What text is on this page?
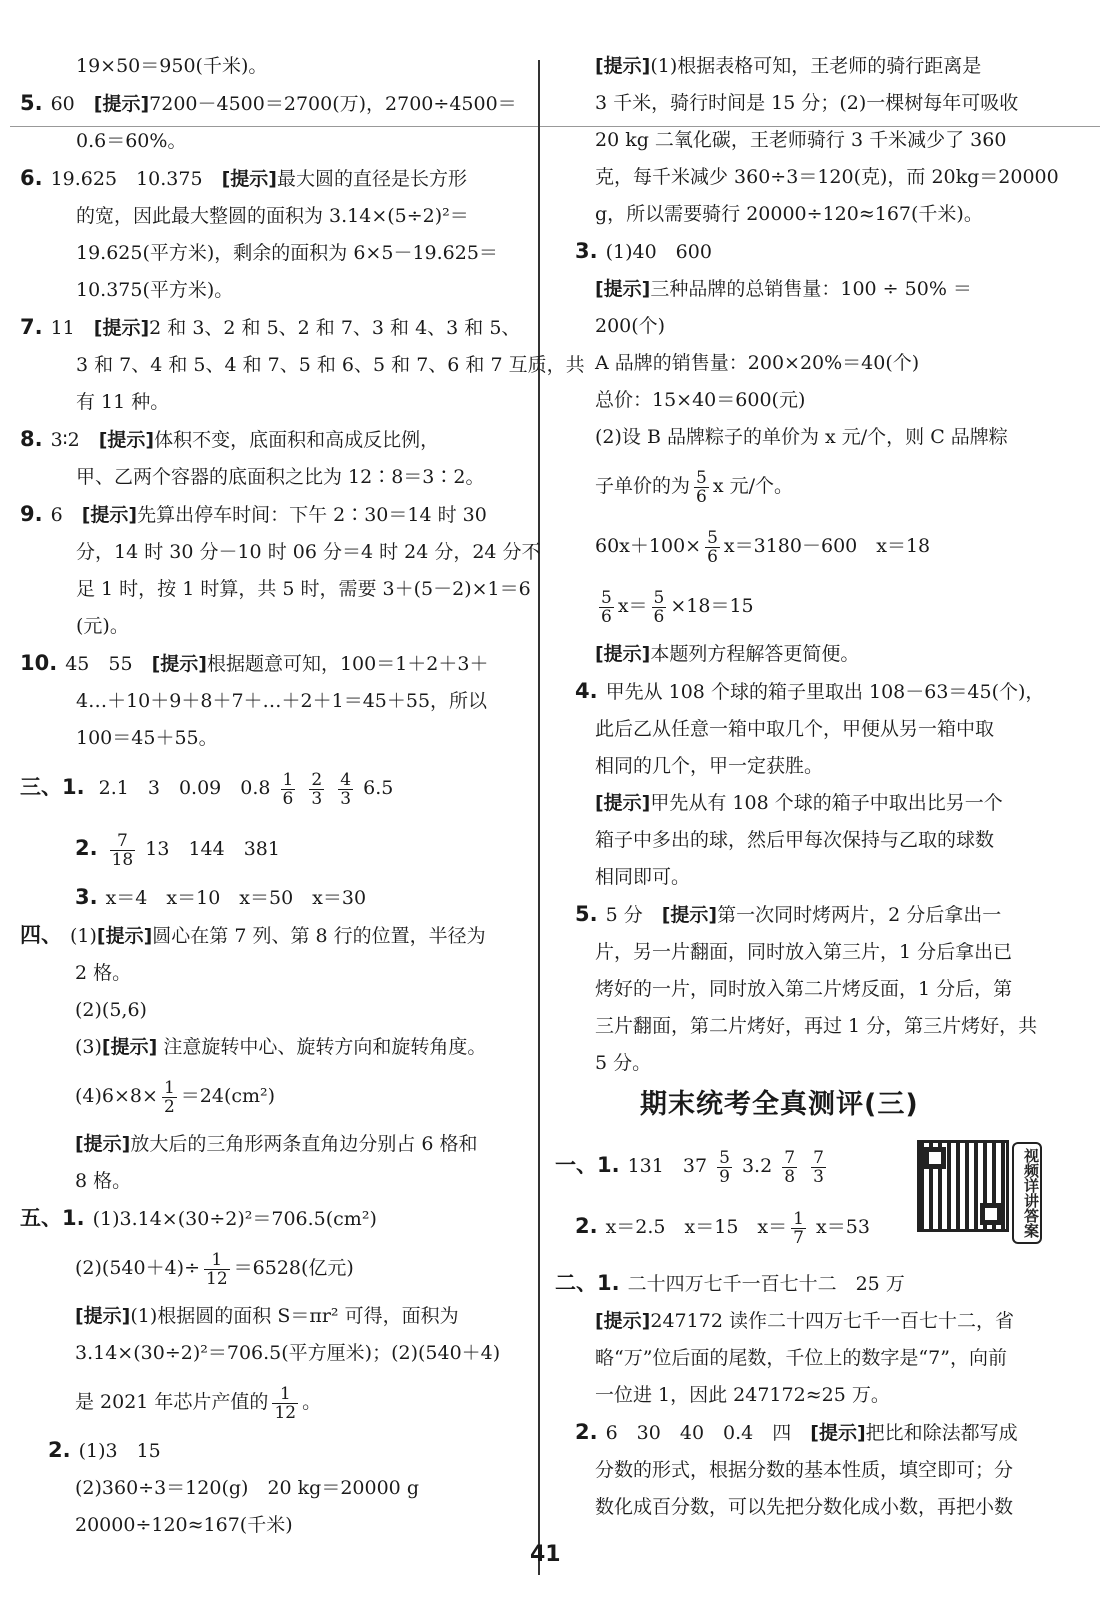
19×50＝950(千米)。
5. 60　[提示]7200－4500＝2700(万)，2700÷4500＝
0.6＝60%。
6. 19.625　10.375　[提示]最大圆的直径是长方形
的宽，因此最大整圆的面积为 3.14×(5÷2)²＝
19.625(平方米)，剩余的面积为 6×5－19.625＝
10.375(平方米)。
7. 11　[提示]2 和 3、2 和 5、2 和 7、3 和 4、3 和 5、
3 和 7、4 和 5、4 和 7、5 和 6、5 和 7、6 和 7 互质，共
有 11 种。
8. 3∶2　[提示]体积不变，底面积和高成反比例，
甲、乙两个容器的底面积之比为 12∶8＝3∶2。
9. 6　[提示]先算出停车时间：下午 2∶30＝14 时 30
分，14 时 30 分－10 时 06 分＝4 时 24 分，24 分不
足 1 时，按 1 时算，共 5 时，需要 3＋(5－2)×1＝6
(元)。
10. 45　55　[提示]根据题意可知，100＝1＋2＋3＋
4…＋10＋9＋8＋7＋…＋2＋1＝45＋55，所以
100＝45＋55。
三、1. 2.1　3　0.09　$0.8 \frac{1}{6}$
$\frac{2}{3}$
$\frac{4}{3} 6.5$
2. $\frac{7}{18} 13$　144　381
3. x＝4　x＝10　x＝50　x＝30
四、 (1)[提示]圆心在第 7 列、第 8 行的位置，半径为
2 格。
(2)(5,6)
(3)[提示] 注意旋转中心、旋转方向和旋转角度。
$(4)6\times 8\times \frac{1}{2} =24(cm^2)$
[提示]放大后的三角形两条直角边分别占 6 格和
8 格。
五、1. (1)3.14×(30÷2)²＝706.5(cm²)
$(2)(540+4)\div \frac{1}{12} =6528$(亿元)
[提示](1)根据圆的面积 S＝πr² 可得，面积为
3.14×(30÷2)²＝706.5(平方厘米)；(2)(540＋4)
是 2021 年芯片产值的 $\frac{1}{12}$ 。
2. (1)3　15
(2)360÷3＝120(g)　20 kg＝20000 g
20000÷120≈167(千米)
[提示](1)根据表格可知，王老师的骑行距离是
3 千米，骑行时间是 15 分；(2)一棵树每年可吸收
20 kg 二氧化碳，王老师骑行 3 千米减少了 360
克，每千米减少 360÷3＝120(克)，而 20kg＝20000
g，所以需要骑行 20000÷120≈167(千米)。
3. (1)40　600
[提示]三种品牌的总销售量：100 ÷ 50% ＝
200(个)
A 品牌的销售量：200×20%＝40(个)
总价：15×40＝600(元)
(2)设 B 品牌粽子的单价为 x 元/个，则 C 品牌粽
子单价的为 $\frac{5}{6}$ x 元/个。
$60x+100\times \frac{5}{6} x=3180-600$　x＝18
$\frac{5}{6} x= \frac{5}{6} \times 18=15$
[提示]本题列方程解答更简便。
4. 甲先从 108 个球的箱子里取出 108－63＝45(个)，
此后乙从任意一箱中取几个，甲便从另一箱中取
相同的几个，甲一定获胜。
[提示]甲先从有 108 个球的箱子中取出比另一个
箱子中多出的球，然后甲每次保持与乙取的球数
相同即可。
5. 5 分　[提示]第一次同时烤两片，2 分后拿出一
片，另一片翻面，同时放入第三片，1 分后拿出已
烤好的一片，同时放入第二片烤反面，1 分后，第
三片翻面，第二片烤好，再过 1 分，第三片烤好，共
5 分。
期末统考全真测评(三)
一、1. 131　$37 \frac{5}{9} 3.2 \frac{7}{8}$
$\frac{7}{3}$
2. x＝2.5　x＝15　$x= \frac{1}{7} x=53$	视频详讲答案
二、1. 二十四万七千一百七十二　25 万
[提示]247172 读作二十四万七千一百七十二，省
略“万”位后面的尾数，千位上的数字是“7”，向前
一位进 1，因此 247172≈25 万。
2. 6　30　40　0.4　四　[提示]把比和除法都写成
分数的形式，根据分数的基本性质，填空即可；分
数化成百分数，可以先把分数化成小数，再把小数
41
